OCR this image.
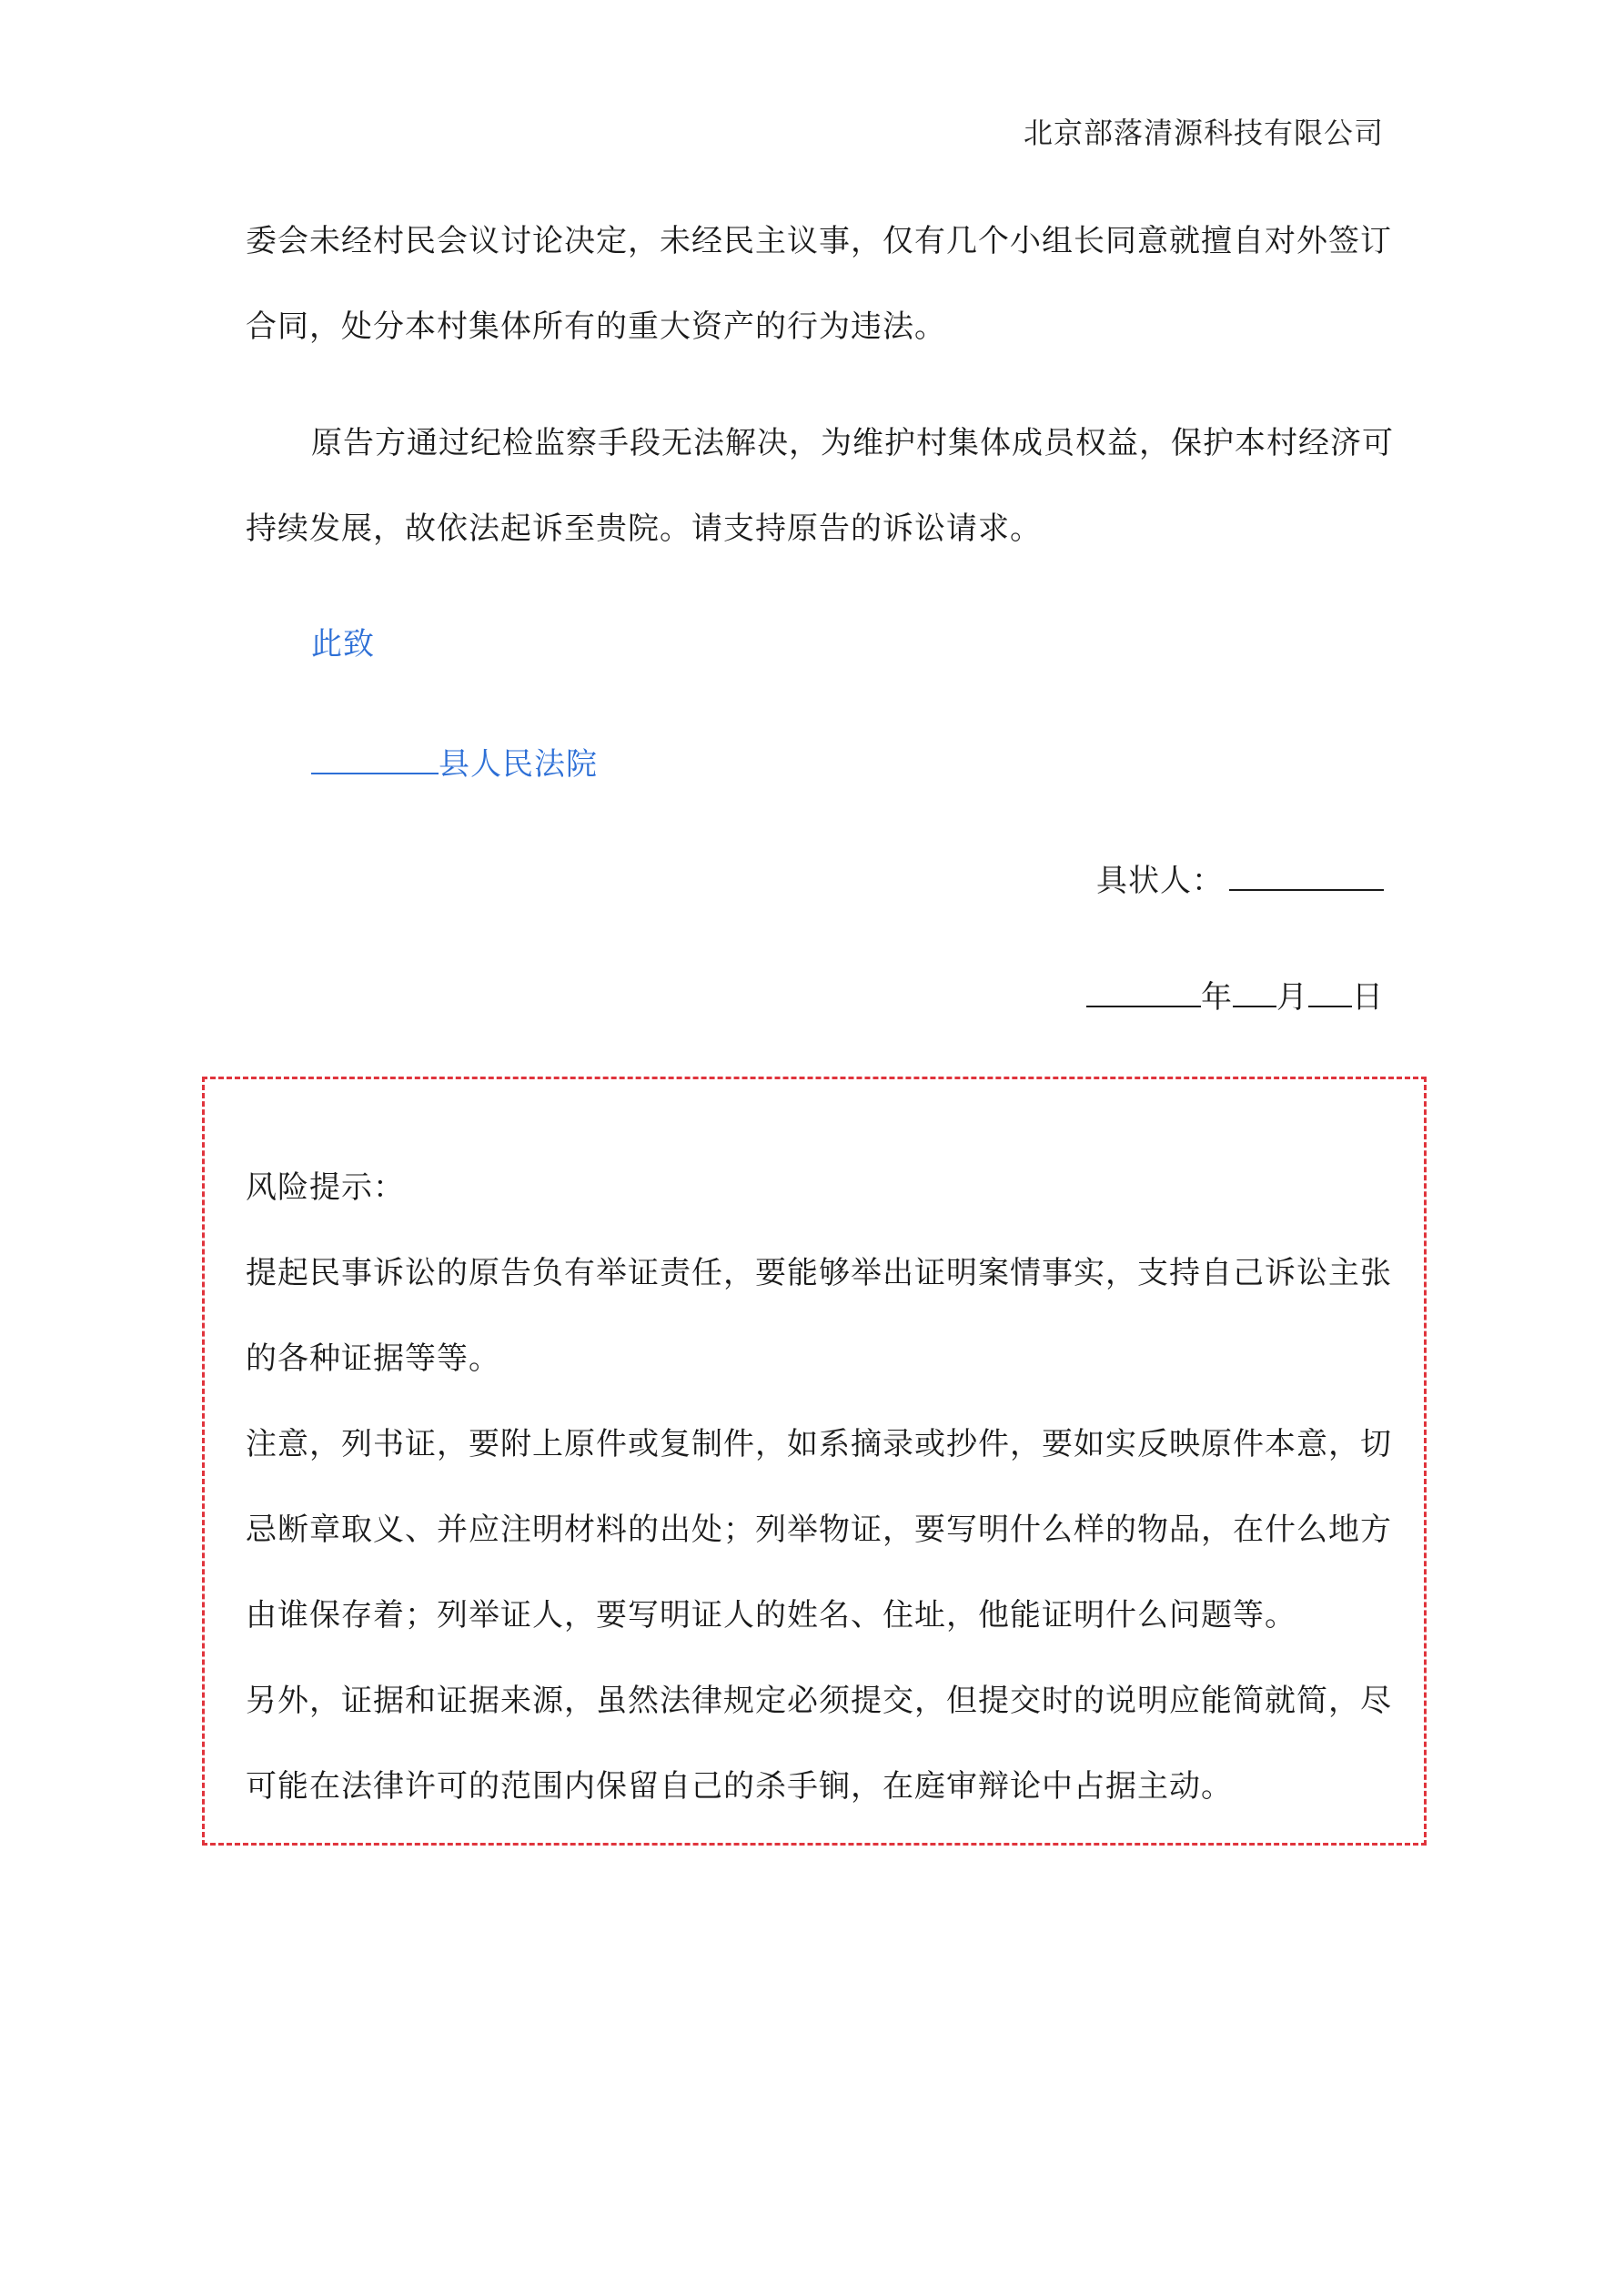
北京部落清源科技有限公司
委会未经村民会议讨论决定，未经民主议事，仅有几个小组长同意就擅自对外签订
合同，处分本村集体所有的重大资产的行为违法。
原告方通过纪检监察手段无法解决，为维护村集体成员权益，保护本村经济可
持续发展，故依法起诉至贵院。请支持原告的诉讼请求。
此致
县人民法院
具状人：
年 月 日
风险提示：
提起民事诉讼的原告负有举证责任，要能够举出证明案情事实，支持自己诉讼主张
的各种证据等等。
注意，列书证，要附上原件或复制件，如系摘录或抄件，要如实反映原件本意，切
忌断章取义、并应注明材料的出处；列举物证，要写明什么样的物品，在什么地方
由谁保存着；列举证人，要写明证人的姓名、住址，他能证明什么问题等。
另外，证据和证据来源，虽然法律规定必须提交，但提交时的说明应能简就简，尽
可能在法律许可的范围内保留自己的杀手锏，在庭审辩论中占据主动。
